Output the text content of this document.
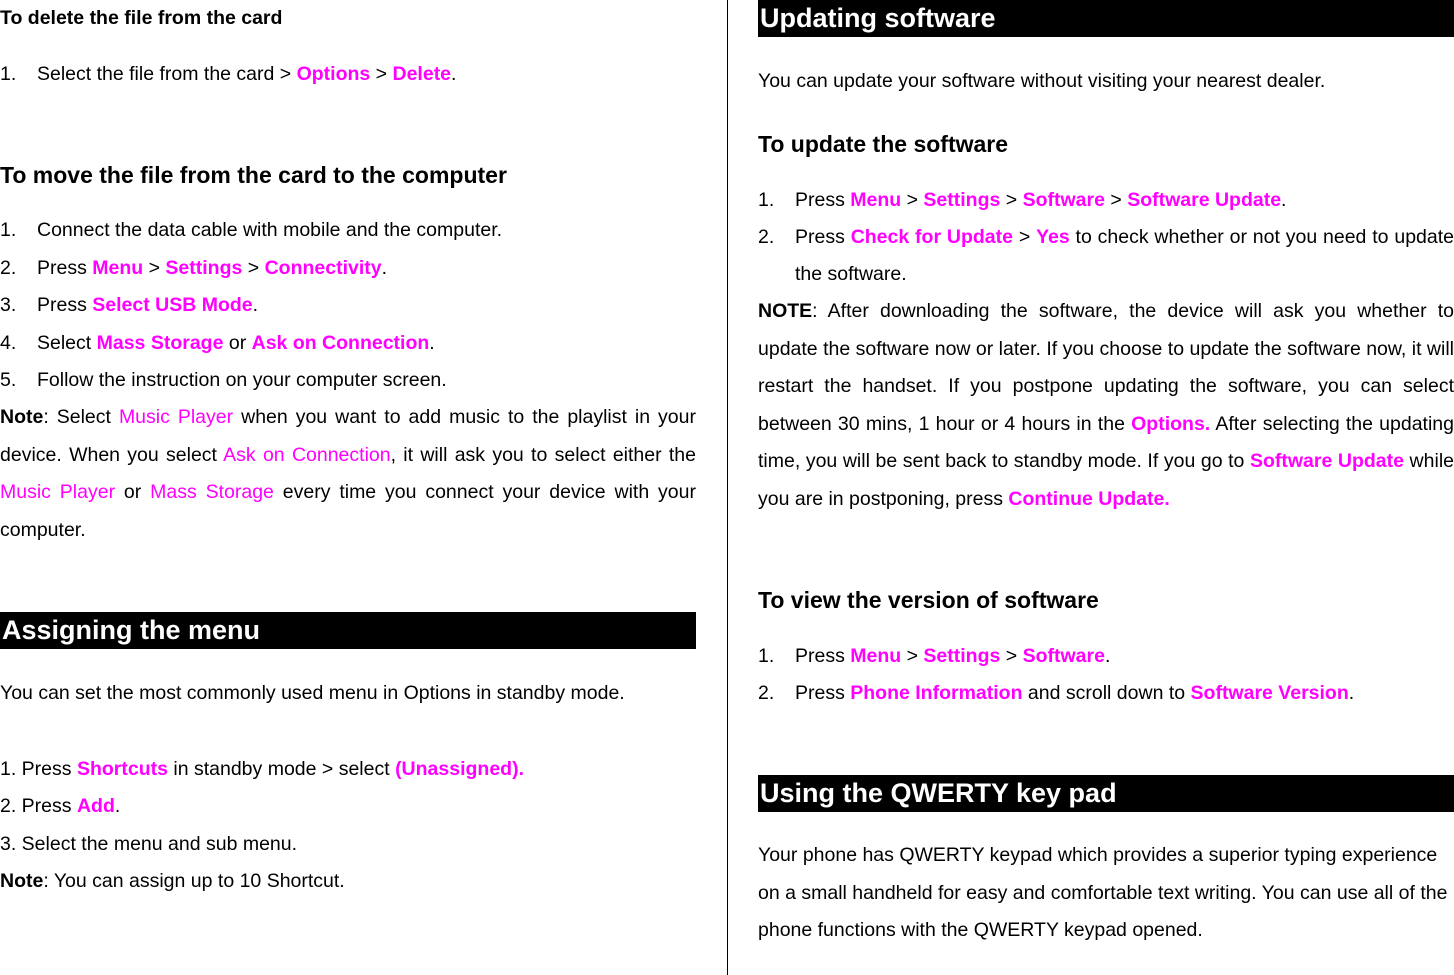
To delete the file from the card
1. Select the file from the card > Options > Delete.
To move the file from the card to the computer
1. Connect the data cable with mobile and the computer.
2. Press Menu > Settings > Connectivity.
3. Press Select USB Mode.
4. Select Mass Storage or Ask on Connection.
5. Follow the instruction on your computer screen.
Note: Select Music Player when you want to add music to the playlist in your device. When you select Ask on Connection, it will ask you to select either the Music Player or Mass Storage every time you connect your device with your computer.
Assigning the menu
You can set the most commonly used menu in Options in standby mode.
1. Press Shortcuts in standby mode > select (Unassigned).
2. Press Add.
3. Select the menu and sub menu.
Note: You can assign up to 10 Shortcut.
Updating software
You can update your software without visiting your nearest dealer.
To update the software
1. Press Menu > Settings > Software > Software Update.
2. Press Check for Update > Yes to check whether or not you need to update the software.
NOTE: After downloading the software, the device will ask you whether to update the software now or later. If you choose to update the software now, it will restart the handset. If you postpone updating the software, you can select between 30 mins, 1 hour or 4 hours in the Options. After selecting the updating time, you will be sent back to standby mode. If you go to Software Update while you are in postponing, press Continue Update.
To view the version of software
1. Press Menu > Settings > Software.
2. Press Phone Information and scroll down to Software Version.
Using the QWERTY key pad
Your phone has QWERTY keypad which provides a superior typing experience on a small handheld for easy and comfortable text writing. You can use all of the phone functions with the QWERTY keypad opened.
